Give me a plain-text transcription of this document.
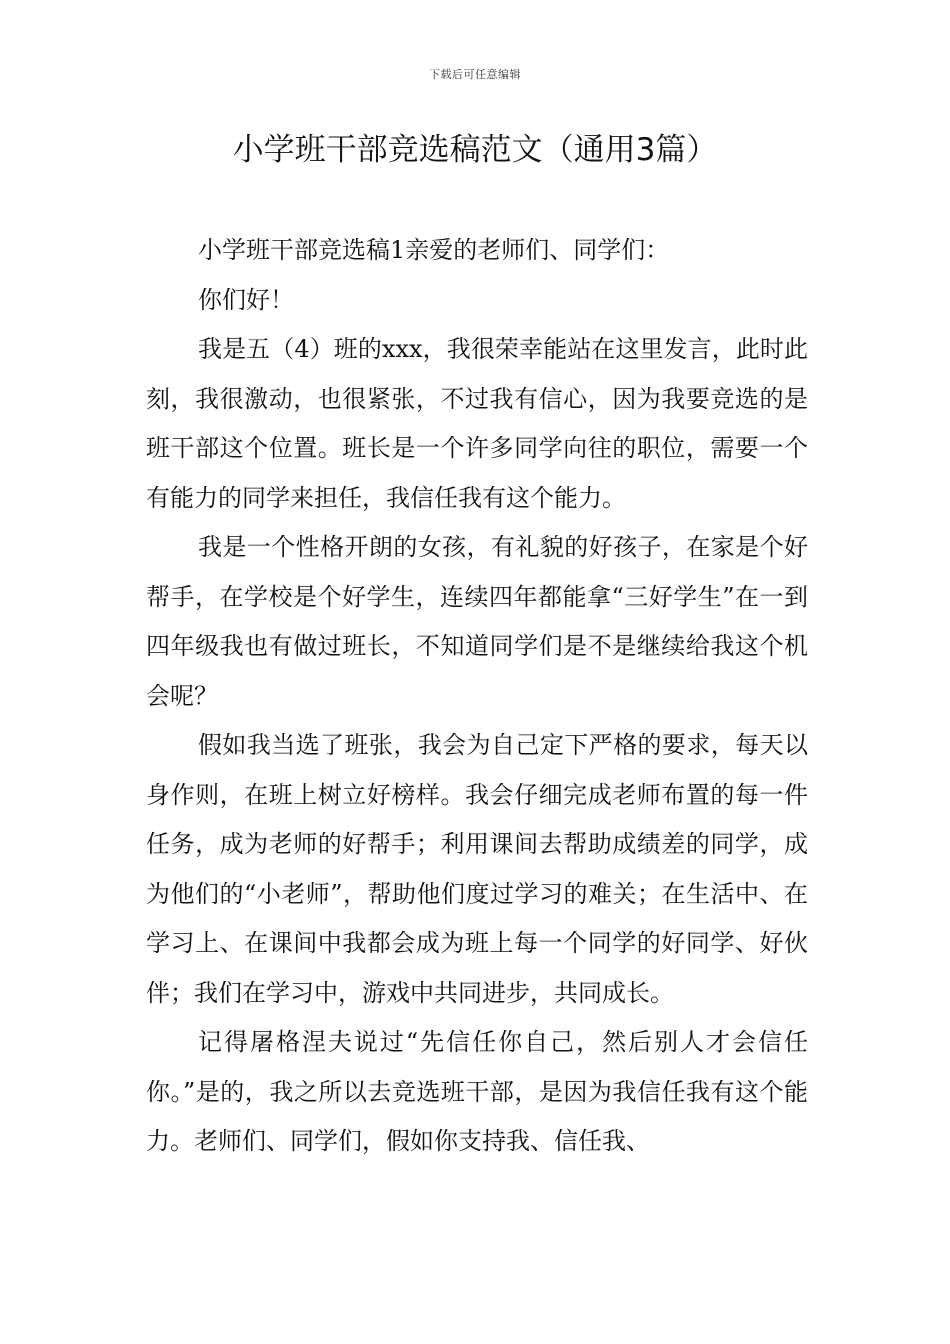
下载后可任意编辑
小学班干部竞选稿范文（通用3篇）

小学班干部竞选稿1亲爱的老师们、同学们：

你们好！

我是五（4）班的xxx，我很荣幸能站在这里发言，此时此刻，我很激动，也很紧张，不过我有信心，因为我要竞选的是班干部这个位置。班长是一个许多同学向往的职位，需要一个有能力的同学来担任，我信任我有这个能力。

我是一个性格开朗的女孩，有礼貌的好孩子，在家是个好帮手，在学校是个好学生，连续四年都能拿“三好学生”在一到四年级我也有做过班长，不知道同学们是不是继续给我这个机会呢？

假如我当选了班张，我会为自己定下严格的要求，每天以身作则，在班上树立好榜样。我会仔细完成老师布置的每一件任务，成为老师的好帮手；利用课间去帮助成绩差的同学，成为他们的“小老师”，帮助他们度过学习的难关；在生活中、在学习上、在课间中我都会成为班上每一个同学的好同学、好伙伴；我们在学习中，游戏中共同进步，共同成长。

记得屠格涅夫说过“先信任你自己，然后别人才会信任你。”是的，我之所以去竞选班干部，是因为我信任我有这个能力。老师们、同学们，假如你支持我、信任我、
